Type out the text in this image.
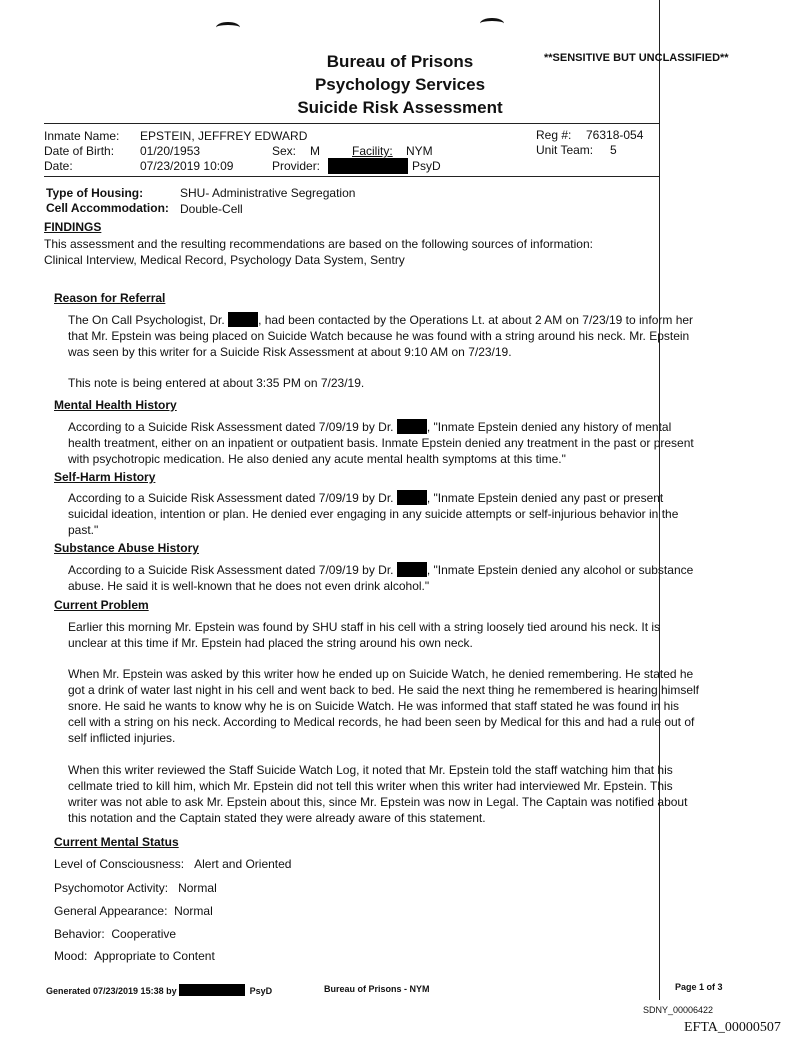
Bureau of Prisons
Psychology Services
Suicide Risk Assessment
**SENSITIVE BUT UNCLASSIFIED**
Inmate Name: EPSTEIN, JEFFREY EDWARD	Reg #: 76318-054
Date of Birth: 01/20/1953	Sex: M	Facility: NYM	Unit Team: 5
Date:	07/23/2019 10:09	Provider:	PsyD
Type of Housing:	SHU- Administrative Segregation
Cell Accommodation: Double-Cell
FINDINGS
This assessment and the resulting recommendations are based on the following sources of information:
Clinical Interview, Medical Record, Psychology Data System, Sentry
Reason for Referral
The On Call Psychologist, Dr.	, had been contacted by the Operations Lt. at about 2 AM on 7/23/19 to inform her
that Mr. Epstein was being placed on Suicide Watch because he was found with a string around his neck. Mr. Epstein
was seen by this writer for a Suicide Risk Assessment at about 9:10 AM on 7/23/19.
This note is being entered at about 3:35 PM on 7/23/19.
Mental Health History
According to a Suicide Risk Assessment dated 7/09/19 by Dr.	, "Inmate Epstein denied any history of mental
health treatment, either on an inpatient or outpatient basis. Inmate Epstein denied any treatment in the past or present
with psychotropic medication. He also denied any acute mental health symptoms at this time."
Self-Harm History
According to a Suicide Risk Assessment dated 7/09/19 by Dr.	, "Inmate Epstein denied any past or present
suicidal ideation, intention or plan. He denied ever engaging in any suicide attempts or self-injurious behavior in the
past."
Substance Abuse History
According to a Suicide Risk Assessment dated 7/09/19 by Dr.	, "Inmate Epstein denied any alcohol or substance
abuse. He said it is well-known that he does not even drink alcohol."
Current Problem
Earlier this morning Mr. Epstein was found by SHU staff in his cell with a string loosely tied around his neck. It is
unclear at this time if Mr. Epstein had placed the string around his own neck.
When Mr. Epstein was asked by this writer how he ended up on Suicide Watch, he denied remembering. He stated he
got a drink of water last night in his cell and went back to bed. He said the next thing he remembered is hearing himself
snore. He said he wants to know why he is on Suicide Watch. He was informed that staff stated he was found in his
cell with a string on his neck. According to Medical records, he had been seen by Medical for this and had a rule out of
self inflicted injuries.
When this writer reviewed the Staff Suicide Watch Log, it noted that Mr. Epstein told the staff watching him that his
cellmate tried to kill him, which Mr. Epstein did not tell this writer when this writer had interviewed Mr. Epstein. This
writer was not able to ask Mr. Epstein about this, since Mr. Epstein was now in Legal. The Captain was notified about
this notation and the Captain stated they were already aware of this statement.
Current Mental Status
Level of Consciousness: Alert and Oriented
Psychomotor Activity: Normal
General Appearance: Normal
Behavior: Cooperative
Mood: Appropriate to Content
Generated 07/23/2019 15:38 by	PsyD	Bureau of Prisons - NYM	Page 1 of 3
SDNY_00006422
EFTA_00000507
